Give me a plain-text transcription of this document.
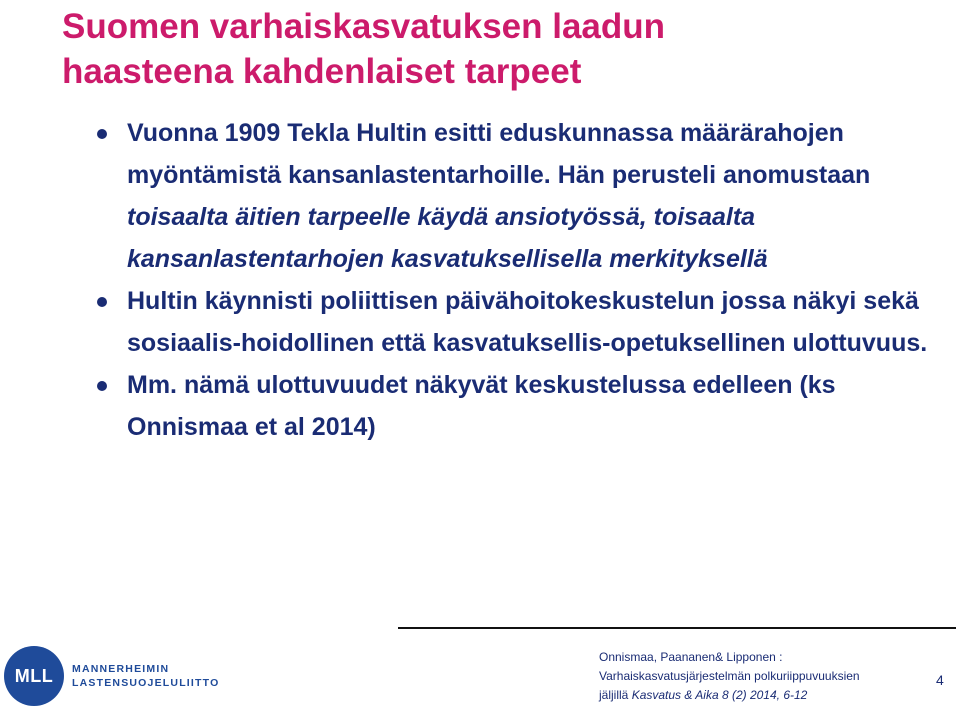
Suomen varhaiskasvatuksen laadun
haasteena kahdenlaiset tarpeet
Vuonna 1909 Tekla Hultin esitti eduskunnassa määrärahojen myöntämistä kansanlastentarhoille. Hän perusteli anomustaan toisaalta äitien tarpeelle käydä ansiotyössä, toisaalta kansanlastentarhojen kasvatuksellisella merkityksellä
Hultin käynnisti poliittisen päivähoitokeskustelun jossa näkyi sekä sosiaalis-hoidollinen että kasvatuksellis-opetuksellinen ulottuvuus.
Mm. nämä ulottuvuudet näkyvät keskustelussa edelleen (ks Onnismaa et al 2014)
MLL	MANNERHEIMIN
LASTENSUOJELULIITTO
Onnismaa, Paananen& Lipponen :
Varhaiskasvatusjärjestelmän polkuriippuvuuksien
jäljillä Kasvatus & Aika 8 (2) 2014, 6-12
4
